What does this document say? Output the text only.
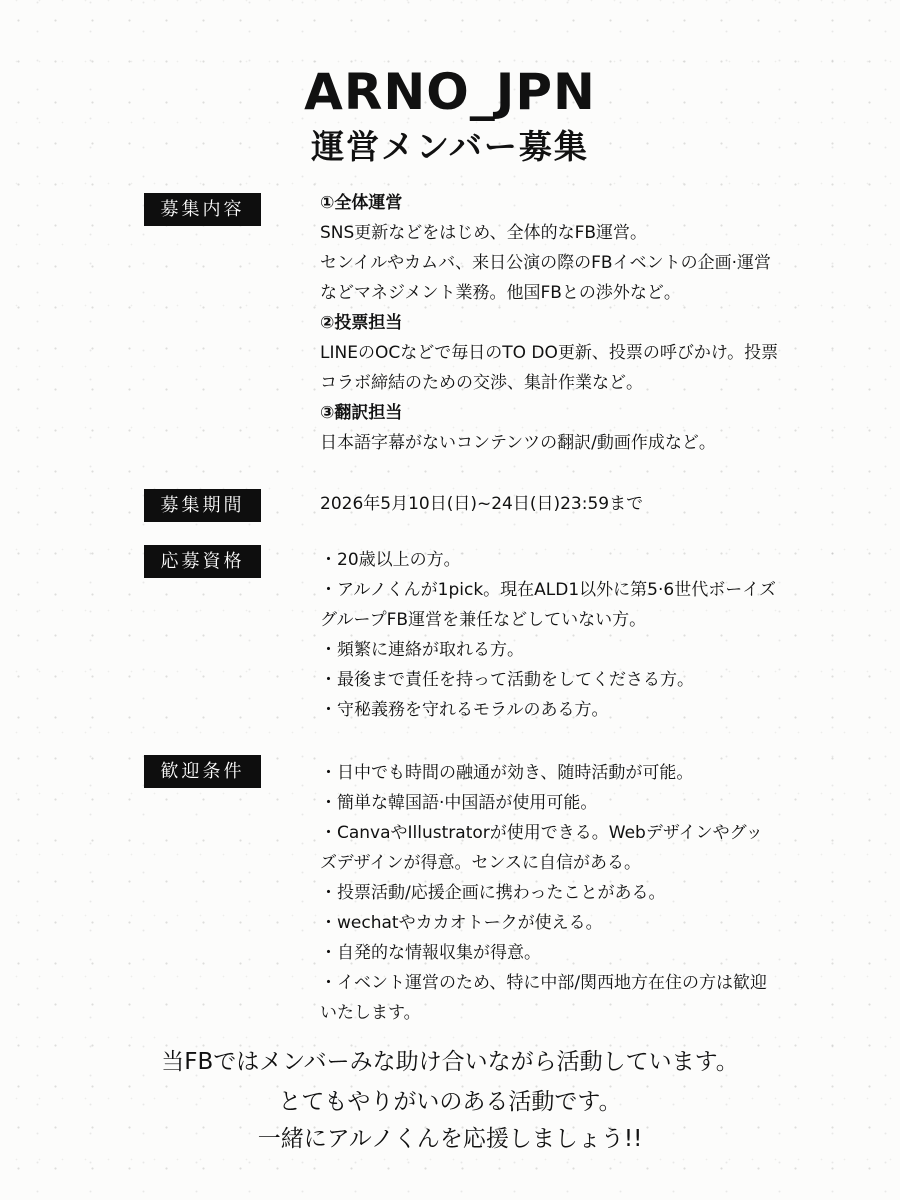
ARNO_JPN
運営メンバー募集
募集内容	①全体運営

SNS更新などをはじめ、全体的なFB運営。

センイルやカムバ、来日公演の際のFBイベントの企画·運営

などマネジメント業務。他国FBとの渉外など。

②投票担当

LINEのOCなどで毎日のTO DO更新、投票の呼びかけ。投票

コラボ締結のための交渉、集計作業など。

③翻訳担当

日本語字幕がないコンテンツの翻訳/動画作成など。

募集期間	2026年5月10日(日)~24日(日)23:59まで

応募資格	・20歳以上の方。

・アルノくんが1pick。現在ALD1以外に第5·6世代ボーイズ

グループFB運営を兼任などしていない方。

・頻繁に連絡が取れる方。

・最後まで責任を持って活動をしてくださる方。

・守秘義務を守れるモラルのある方。

歓迎条件	・日中でも時間の融通が効き、随時活動が可能。

・簡単な韓国語·中国語が使用可能。

・CanvaやIllustratorが使用できる。Webデザインやグッ

ズデザインが得意。センスに自信がある。

・投票活動/応援企画に携わったことがある。

・wechatやカカオトークが使える。

・自発的な情報収集が得意。

・イベント運営のため、特に中部/関西地方在住の方は歓迎

いたします。

当FBではメンバーみな助け合いながら活動しています。
とてもやりがいのある活動です。
一緒にアルノくんを応援しましょう!!
